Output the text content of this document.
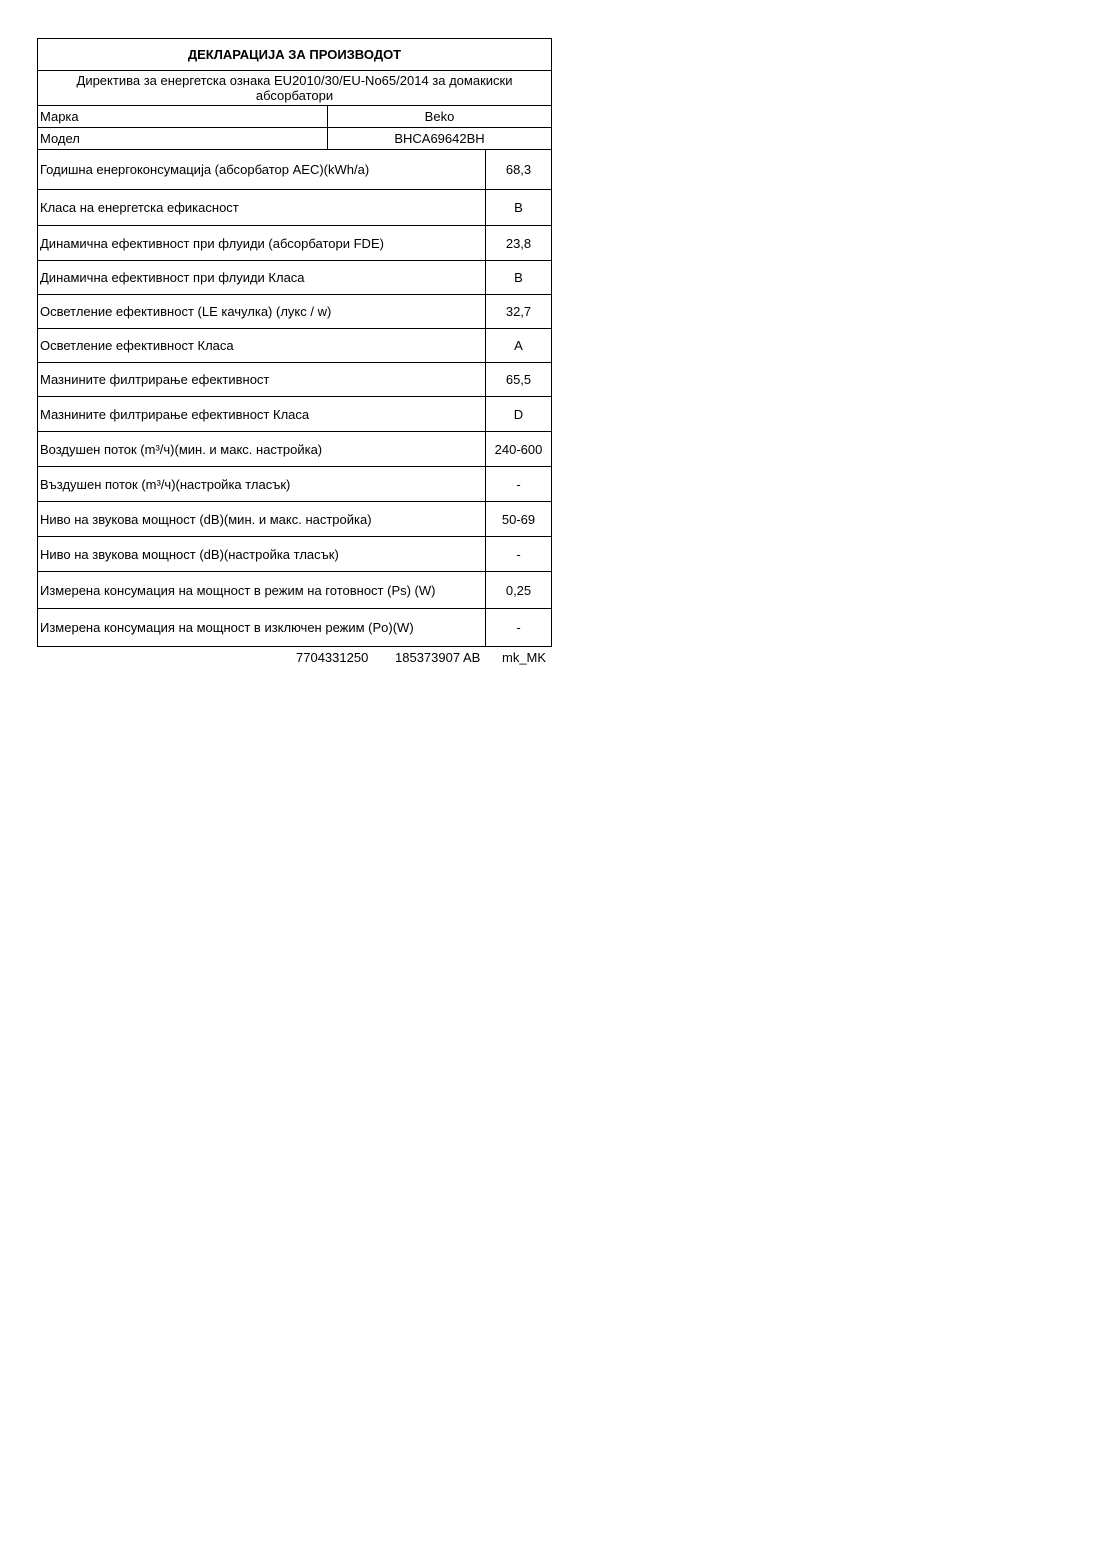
ДЕКЛАРАЦИЈА ЗА ПРОИЗВОДОТ
Директива за енергетска ознака EU2010/30/EU-No65/2014 за домакиски абсорбатори
Марка	Beko
Модел	BHCA69642BH
Годишна енергоконсумација (абсорбатор AEC)(kWh/a)	68,3
Класа на енергетска ефикасност	B
Динамична ефективност при флуиди (абсорбатори FDE)	23,8
Динамична ефективност при флуиди Класа	B
Осветление ефективност (LE качулка) (лукс / w)	32,7
Осветление ефективност Класа	A
Мазнините филтрирање ефективност	65,5
Мазнините филтрирање ефективност Класа	D
Воздушен поток (m³/ч)(мин. и макс. настройка)	240-600
Въздушен поток (m³/ч)(настройка тласък)	-
Ниво на звукова мощност (dB)(мин. и макс. настройка)	50-69
Ниво на звукова мощност (dB)(настройка тласък)	-
Измерена консумация на мощност в режим на готовност (Ps) (W)	0,25
Измерена консумация на мощност в изключен режим (Po)(W)	-
7704331250 185373907 AB mk_MK
